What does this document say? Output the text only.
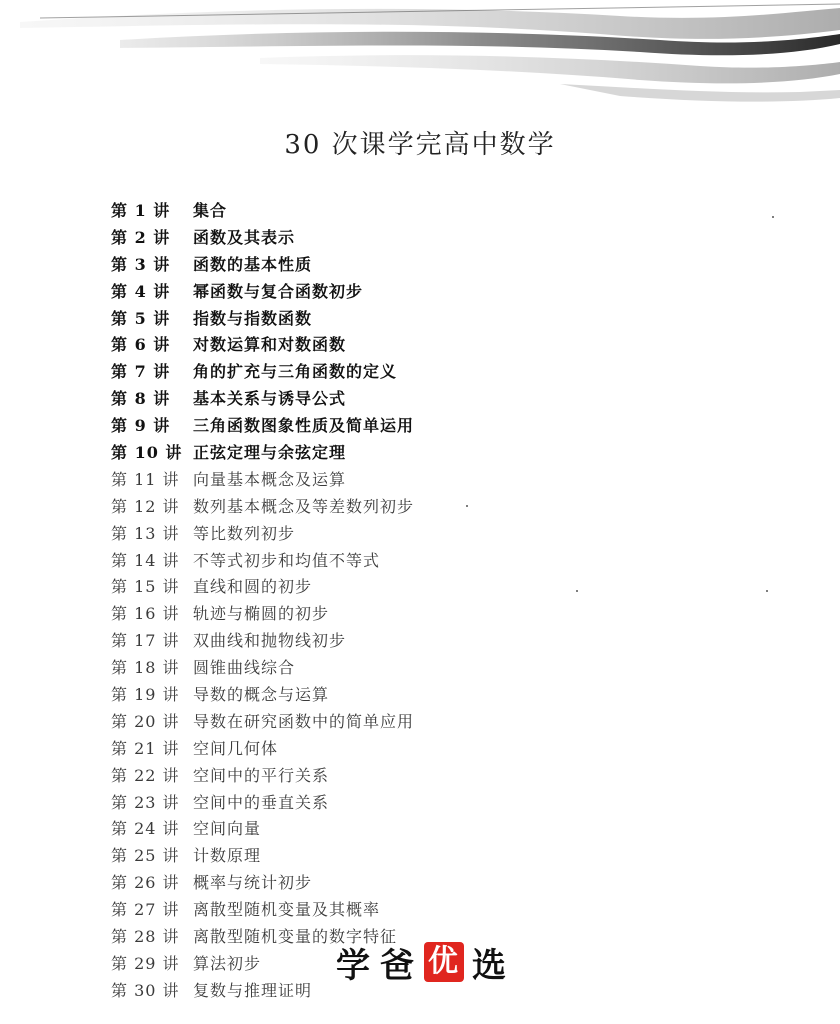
30 次课学完高中数学
第 1 讲	集合
第 2 讲	函数及其表示
第 3 讲	函数的基本性质
第 4 讲	幂函数与复合函数初步
第 5 讲	指数与指数函数
第 6 讲	对数运算和对数函数
第 7 讲	角的扩充与三角函数的定义
第 8 讲	基本关系与诱导公式
第 9 讲	三角函数图象性质及简单运用
第 10 讲 正弦定理与余弦定理
第 11 讲 向量基本概念及运算
第 12 讲 数列基本概念及等差数列初步
第 13 讲 等比数列初步
第 14 讲 不等式初步和均值不等式
第 15 讲 直线和圆的初步
第 16 讲 轨迹与椭圆的初步
第 17 讲 双曲线和抛物线初步
第 18 讲 圆锥曲线综合
第 19 讲 导数的概念与运算
第 20 讲 导数在研究函数中的简单应用
第 21 讲 空间几何体
第 22 讲 空间中的平行关系
第 23 讲 空间中的垂直关系
第 24 讲 空间向量
第 25 讲 计数原理
第 26 讲 概率与统计初步
第 27 讲 离散型随机变量及其概率
第 28 讲 离散型随机变量的数字特征
第 29 讲 算法初步
第 30 讲 复数与推理证明
学 爸 优 选
